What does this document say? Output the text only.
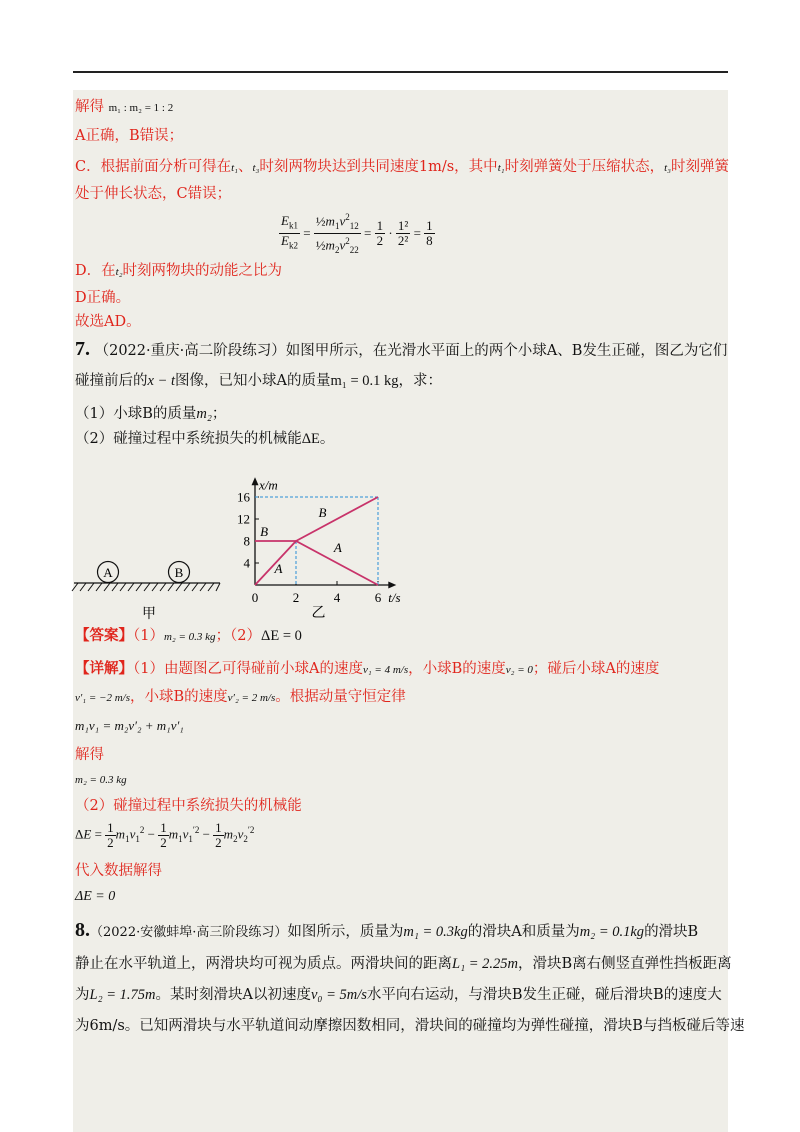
解得 m₁ : m₂ = 1 : 2
A正确，B错误；
C．根据前面分析可得在t₁、t₃时刻两物块达到共同速度1m/s，其中t₁时刻弹簧处于压缩状态，t₃时刻弹簧
处于伸长状态，C错误；
$\frac{E_{k1}}{E_{k2}} = \frac{\frac{1}{2}m_1v^2_{12}}{\frac{1}{2}m_2v^2_{22}} = \frac{1}{2} \cdot \frac{\text{1²}}{\text{2²}} = \frac{1}{8}$
D．在t₂时刻两物块的动能之比为
D正确。
故选AD。
7. （2022·重庆·高二阶段练习）如图甲所示，在光滑水平面上的两个小球A、B发生正碰，图乙为它们
碰撞前后的x − t图像，已知小球A的质量m₁ = 0.1 kg，求：
（1）小球B的质量m₂；
（2）碰撞过程中系统损失的机械能ΔE。
A	B
甲
4
8
12
16
0	2	4	6
B
B
A
A
x/m
t/s
乙
【答案】（1）m₂ = 0.3 kg；（2）ΔE = 0
【详解】（1）由题图乙可得碰前小球A的速度v₁ = 4 m/s，小球B的速度v₂ = 0；碰后小球A的速度
v′₁ = −2 m/s，小球B的速度v′₂ = 2 m/s。根据动量守恒定律
m₁v₁ = m₂v′₂ + m₁v′₁
解得
m₂ = 0.3 kg
（2）碰撞过程中系统损失的机械能
$\Delta E = \frac{1}{2} m_1v_1^2 - \frac{1}{2} m_1v_1^{'2} - \frac{1}{2} m_2v_2^{'2}$
代入数据解得
ΔE = 0
8.（2022·安徽蚌埠·高三阶段练习）如图所示，质量为m₁ = 0.3kg的滑块A和质量为m₂ = 0.1kg的滑块B
静止在水平轨道上，两滑块均可视为质点。两滑块间的距离L₁ = 2.25m，滑块B离右侧竖直弹性挡板距离
为L₂ = 1.75m。某时刻滑块A以初速度v₀ = 5m/s水平向右运动，与滑块B发生正碰，碰后滑块B的速度大
为6m/s。已知两滑块与水平轨道间动摩擦因数相同，滑块间的碰撞均为弹性碰撞，滑块B与挡板碰后等速
